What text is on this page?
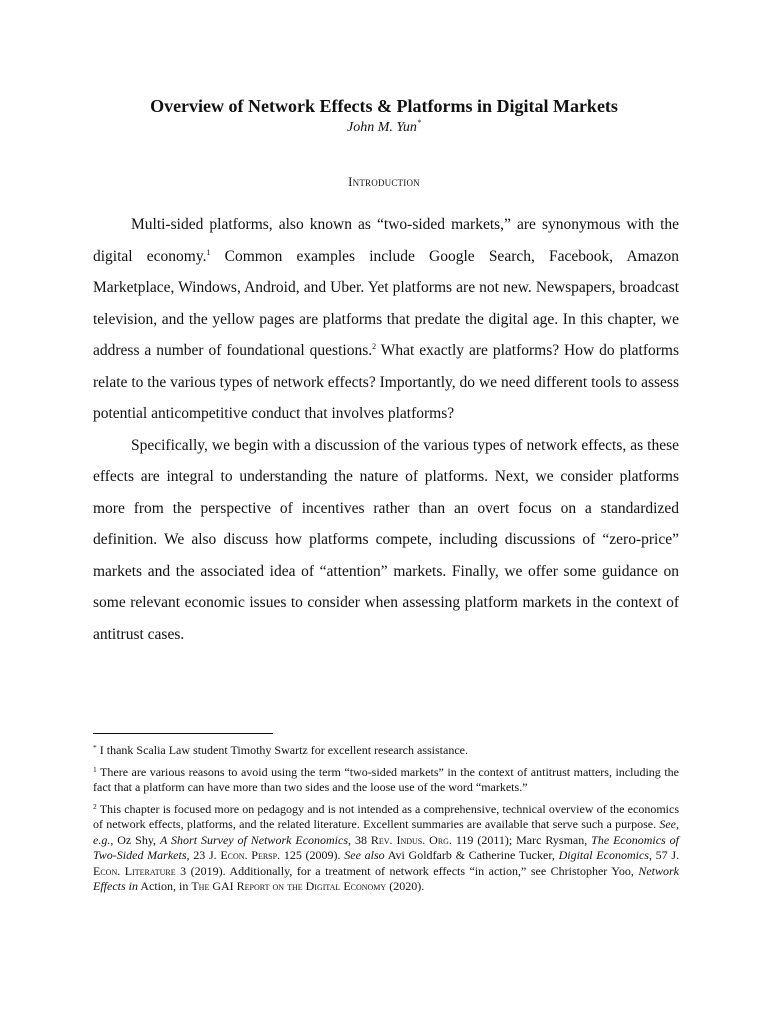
Overview of Network Effects & Platforms in Digital Markets
John M. Yun*
Introduction

Multi-sided platforms, also known as “two-sided markets,” are synonymous with the digital economy.$^1$ Common examples include Google Search, Facebook, Amazon Marketplace, Windows, Android, and Uber. Yet platforms are not new. Newspapers, broadcast television, and the yellow pages are platforms that predate the digital age. In this chapter, we address a number of foundational questions.$^2$ What exactly are platforms? How do platforms relate to the various types of network effects? Importantly, do we need different tools to assess potential anticompetitive conduct that involves platforms?

Specifically, we begin with a discussion of the various types of network effects, as these effects are integral to understanding the nature of platforms. Next, we consider platforms more from the perspective of incentives rather than an overt focus on a standardized definition. We also discuss how platforms compete, including discussions of “zero-price” markets and the associated idea of “attention” markets. Finally, we offer some guidance on some relevant economic issues to consider when assessing platform markets in the context of antitrust cases.

* I thank Scalia Law student Timothy Swartz for excellent research assistance.

$^1$ There are various reasons to avoid using the term “two-sided markets” in the context of antitrust matters, including the fact that a platform can have more than two sides and the loose use of the word “markets.”

$^2$ This chapter is focused more on pedagogy and is not intended as a comprehensive, technical overview of the economics of network effects, platforms, and the related literature. Excellent summaries are available that serve such a purpose. See, e.g., Oz Shy, A Short Survey of Network Economics, 38 Rev. Indus. Org. 119 (2011); Marc Rysman, The Economics of Two-Sided Markets, 23 J. Econ. Persp. 125 (2009). See also Avi Goldfarb & Catherine Tucker, Digital Economics, 57 J. Econ. Literature 3 (2019). Additionally, for a treatment of network effects “in action,” see Christopher Yoo, Network Effects in Action, in The GAI Report on the Digital Economy (2020).
